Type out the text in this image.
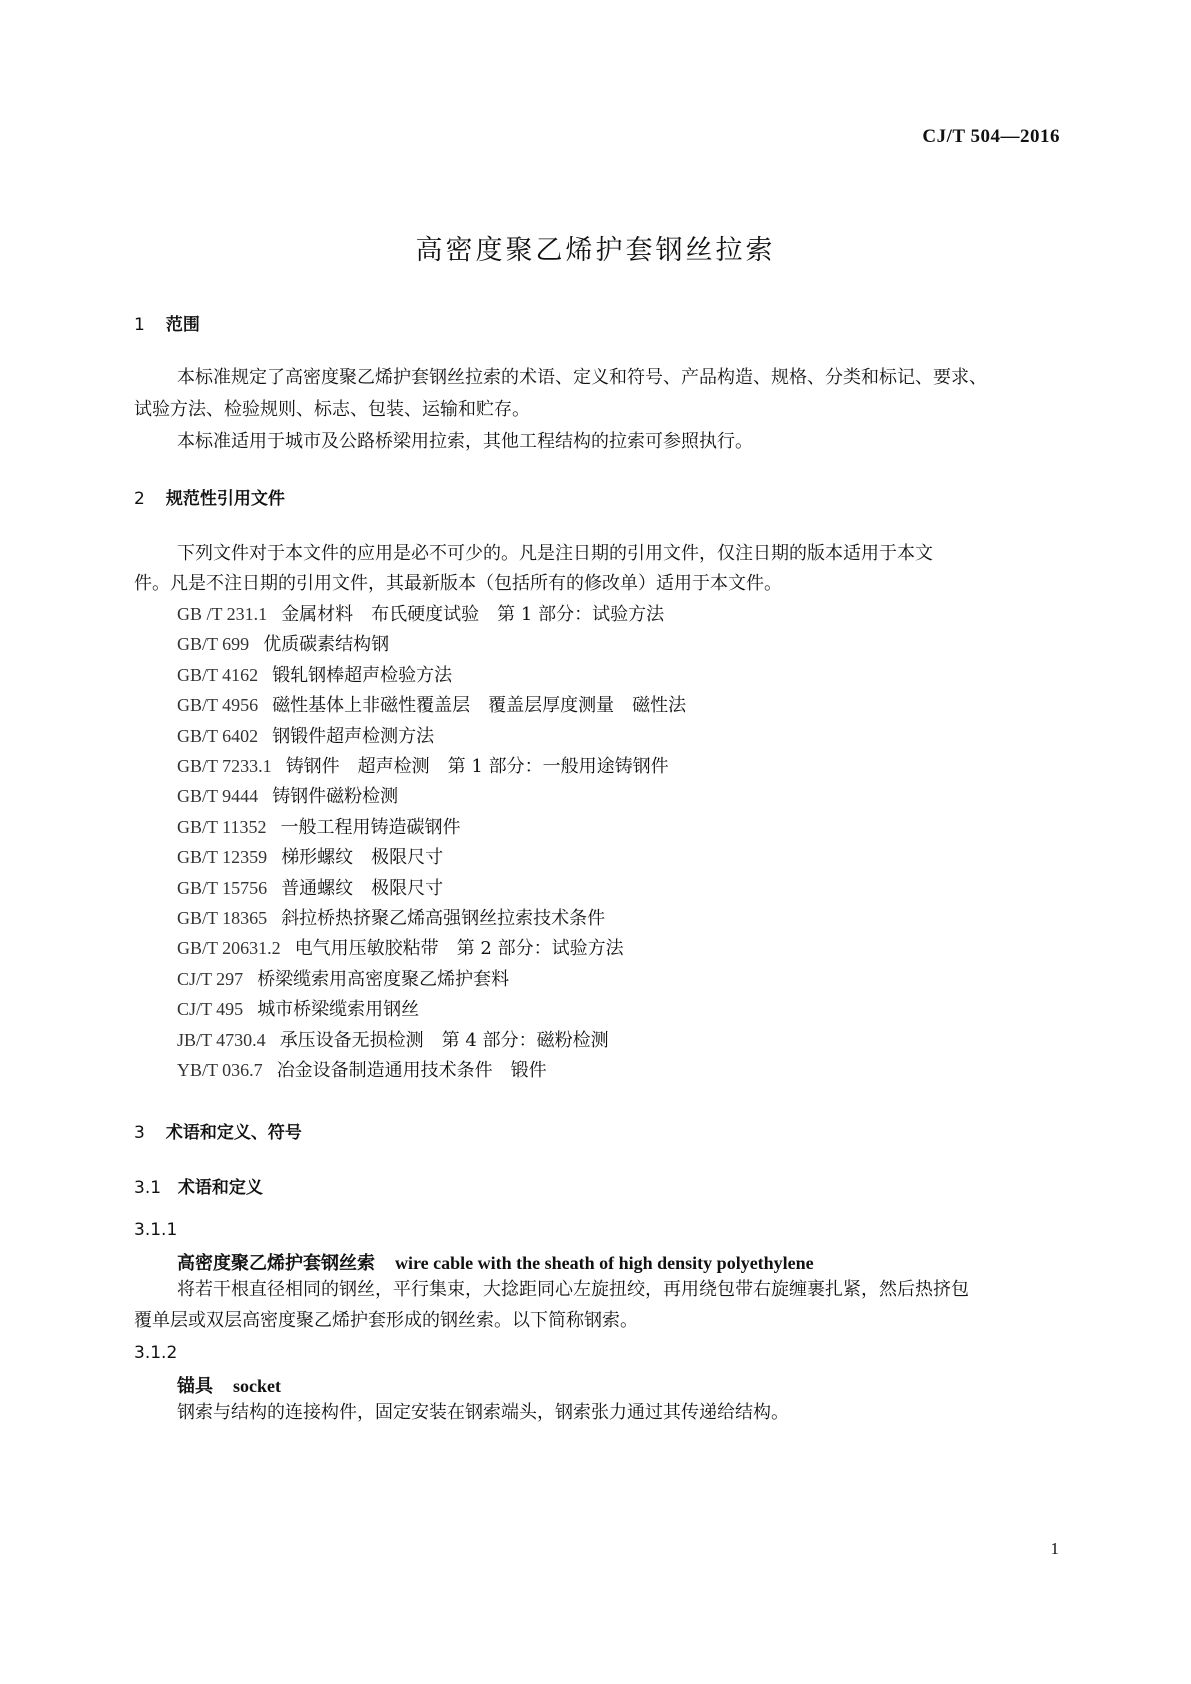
CJ/T 504—2016
高密度聚乙烯护套钢丝拉索
1 范围
本标准规定了高密度聚乙烯护套钢丝拉索的术语、定义和符号、产品构造、规格、分类和标记、要求、
试验方法、检验规则、标志、包装、运输和贮存。
本标准适用于城市及公路桥梁用拉索，其他工程结构的拉索可参照执行。
2 规范性引用文件
下列文件对于本文件的应用是必不可少的。凡是注日期的引用文件，仅注日期的版本适用于本文
件。凡是不注日期的引用文件，其最新版本（包括所有的修改单）适用于本文件。
GB /T 231.1 金属材料　布氏硬度试验　第 1 部分：试验方法
GB/T 699 优质碳素结构钢
GB/T 4162 锻轧钢棒超声检验方法
GB/T 4956 磁性基体上非磁性覆盖层　覆盖层厚度测量　磁性法
GB/T 6402 钢锻件超声检测方法
GB/T 7233.1 铸钢件　超声检测　第 1 部分：一般用途铸钢件
GB/T 9444 铸钢件磁粉检测
GB/T 11352 一般工程用铸造碳钢件
GB/T 12359 梯形螺纹　极限尺寸
GB/T 15756 普通螺纹　极限尺寸
GB/T 18365 斜拉桥热挤聚乙烯高强钢丝拉索技术条件
GB/T 20631.2 电气用压敏胶粘带　第 2 部分：试验方法
CJ/T 297 桥梁缆索用高密度聚乙烯护套料
CJ/T 495 城市桥梁缆索用钢丝
JB/T 4730.4 承压设备无损检测　第 4 部分：磁粉检测
YB/T 036.7 冶金设备制造通用技术条件　锻件
3 术语和定义、符号
3.1 术语和定义
3.1.1
高密度聚乙烯护套钢丝索 wire cable with the sheath of high density polyethylene
将若干根直径相同的钢丝，平行集束，大捻距同心左旋扭绞，再用绕包带右旋缠裹扎紧，然后热挤包
覆单层或双层高密度聚乙烯护套形成的钢丝索。以下简称钢索。
3.1.2
锚具 socket
钢索与结构的连接构件，固定安装在钢索端头，钢索张力通过其传递给结构。
1
